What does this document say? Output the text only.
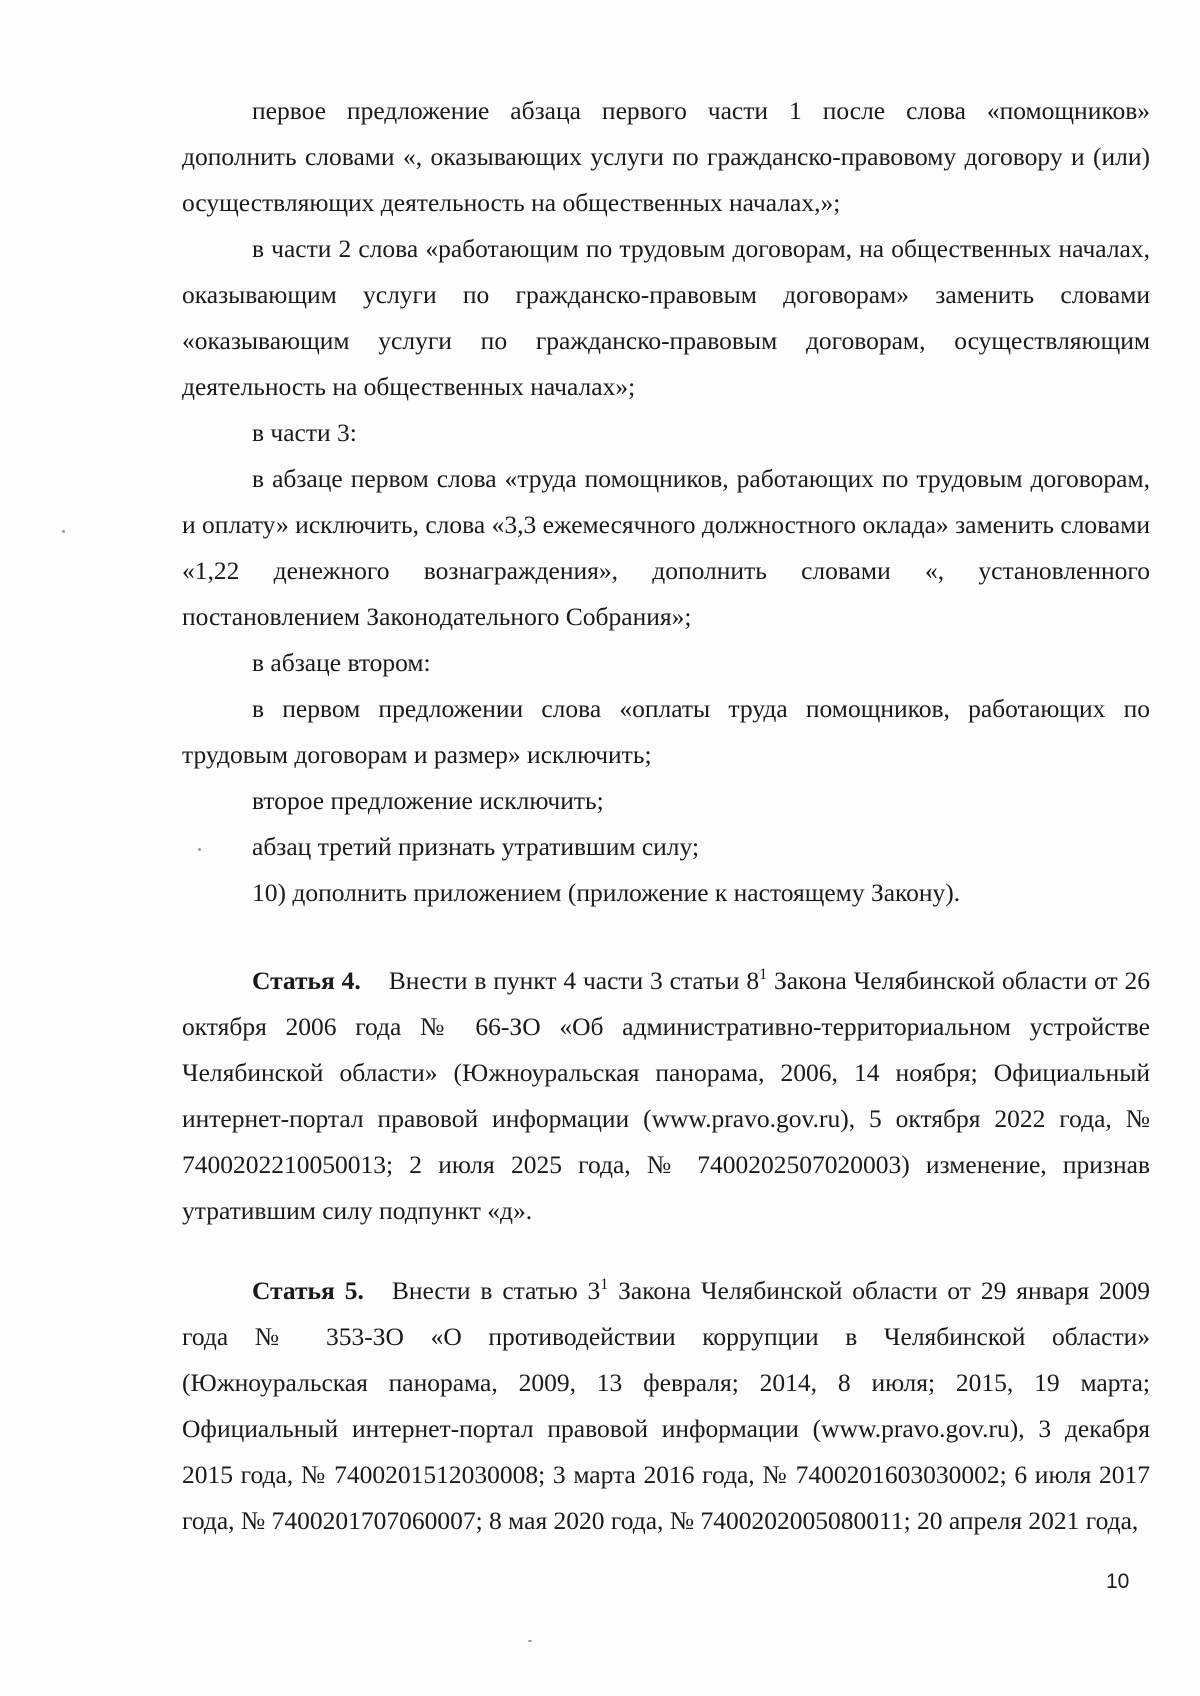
первое предложение абзаца первого части 1 после слова «помощников» дополнить словами «, оказывающих услуги по гражданско-правовому договору и (или) осуществляющих деятельность на общественных началах,»;

в части 2 слова «работающим по трудовым договорам, на общественных началах, оказывающим услуги по гражданско-правовым договорам» заменить словами «оказывающим услуги по гражданско-правовым договорам, осуществляющим деятельность на общественных началах»;

в части 3:

в абзаце первом слова «труда помощников, работающих по трудовым договорам, и оплату» исключить, слова «3,3 ежемесячного должностного оклада» заменить словами «1,22 денежного вознаграждения», дополнить словами «, установленного постановлением Законодательного Собрания»;

в абзаце втором:

в первом предложении слова «оплаты труда помощников, работающих по трудовым договорам и размер» исключить;

второе предложение исключить;

абзац третий признать утратившим силу;

10) дополнить приложением (приложение к настоящему Закону).

Статья 4. Внести в пункт 4 части 3 статьи $8^1$ Закона Челябинской области от 26 октября 2006 года № 66-ЗО «Об административно-территориальном устройстве Челябинской области» (Южноуральская панорама, 2006, 14 ноября; Официальный интернет-портал правовой информации (www.pravo.gov.ru), 5 октября 2022 года, № 7400202210050013; 2 июля 2025 года, № 7400202507020003) изменение, признав утратившим силу подпункт «д».

Статья 5. Внести в статью $3^1$ Закона Челябинской области от 29 января 2009 года № 353-ЗО «О противодействии коррупции в Челябинской области» (Южноуральская панорама, 2009, 13 февраля; 2014, 8 июля; 2015, 19 марта; Официальный интернет-портал правовой информации (www.pravo.gov.ru), 3 декабря 2015 года, № 7400201512030008; 3 марта 2016 года, № 7400201603030002; 6 июля 2017 года, № 7400201707060007; 8 мая 2020 года, № 7400202005080011; 20 апреля 2021 года,

10
